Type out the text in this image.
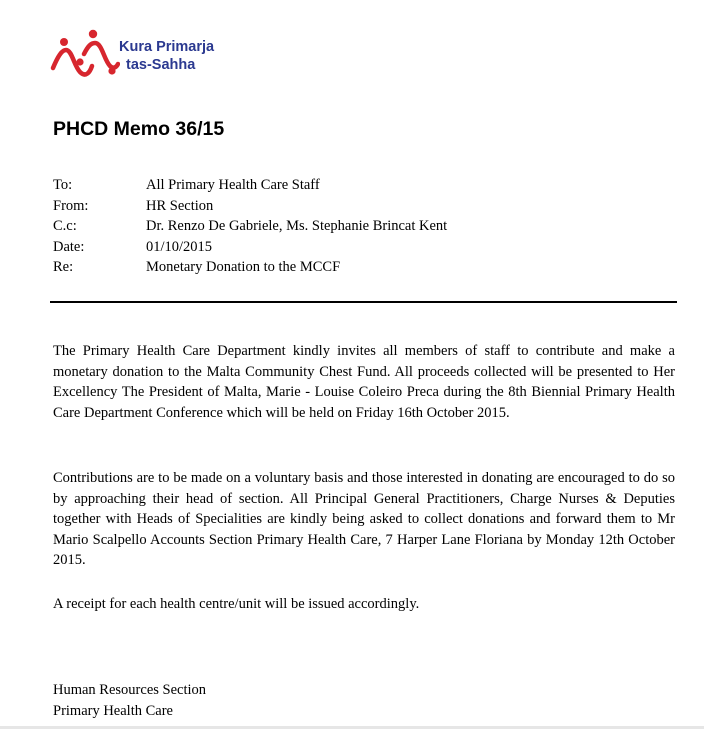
Kura Primarja
tas-Sahha
PHCD Memo 36/15
To:	All Primary Health Care Staff
From:	HR Section
C.c:	Dr. Renzo De Gabriele, Ms. Stephanie Brincat Kent
Date:	01/10/2015
Re:	Monetary Donation to the MCCF

The Primary Health Care Department kindly invites all members of staff to contribute and make a monetary donation to the Malta Community Chest Fund. All proceeds collected will be presented to Her Excellency The President of Malta, Marie - Louise Coleiro Preca during the 8th Biennial Primary Health Care Department Conference which will be held on Friday 16th October 2015.

Contributions are to be made on a voluntary basis and those interested in donating are encouraged to do so by approaching their head of section. All Principal General Practitioners, Charge Nurses & Deputies together with Heads of Specialities are kindly being asked to collect donations and forward them to Mr Mario Scalpello Accounts Section Primary Health Care, 7 Harper Lane Floriana by Monday 12th October 2015.

A receipt for each health centre/unit will be issued accordingly.

Human Resources Section
Primary Health Care
